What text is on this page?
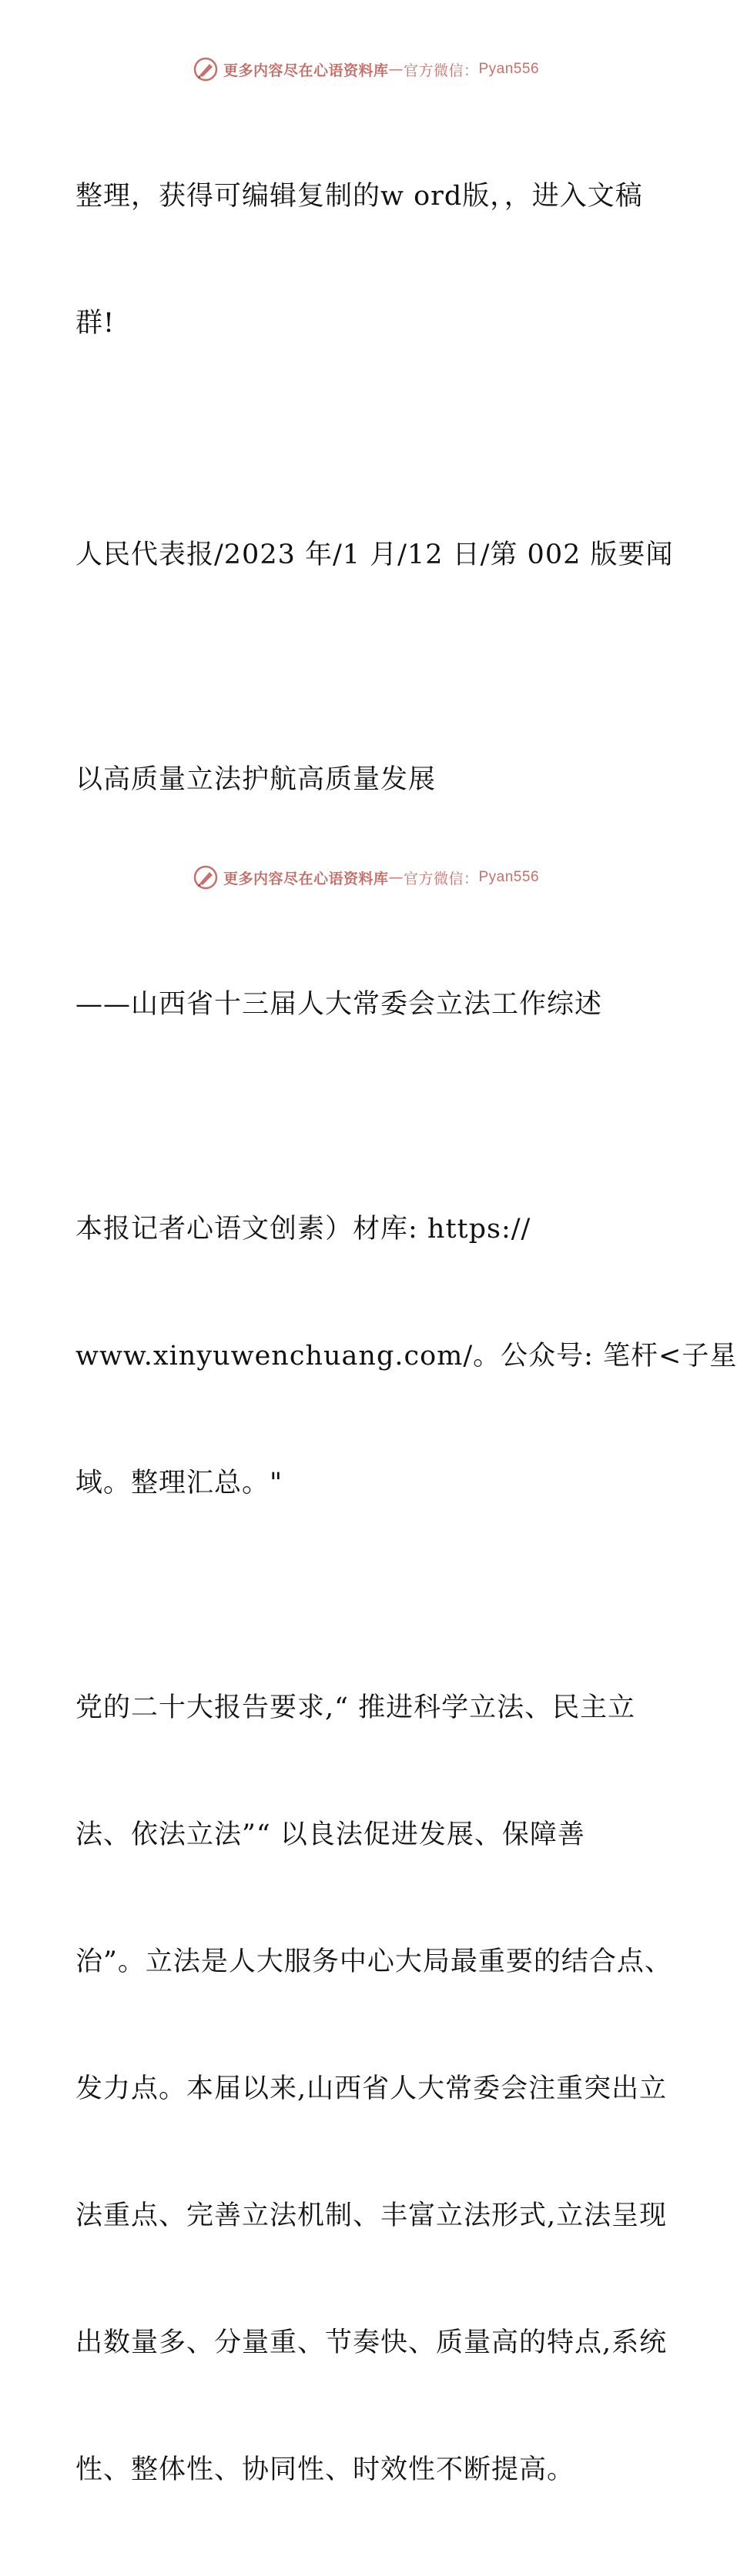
更多内容尽在心语资料库 — 官方微信： Pyan556

整理，获得可编辑复制的w ord版，，进入文稿

群!

人民代表报/2023 年/1 月/12 日/第 002 版要闻

以高质量立法护航高质量发展

——山西省十三届人大常委会立法工作综述

本报记者心语文创素）材库: https://

www.xinyuwenchuang.com/。公众号: 笔杆<子星

域。整理汇总。"

党的二十大报告要求,“ 推进科学立法、民主立

法、依法立法”“ 以良法促进发展、保障善

治”。立法是人大服务中心大局最重要的结合点、

发力点。本届以来,山西省人大常委会注重突出立

法重点、完善立法机制、丰富立法形式,立法呈现

出数量多、分量重、节奏快、质量高的特点,系统

性、整体性、协同性、时效性不断提高。

更多内容尽在心语资料库 — 官方微信： Pyan556
